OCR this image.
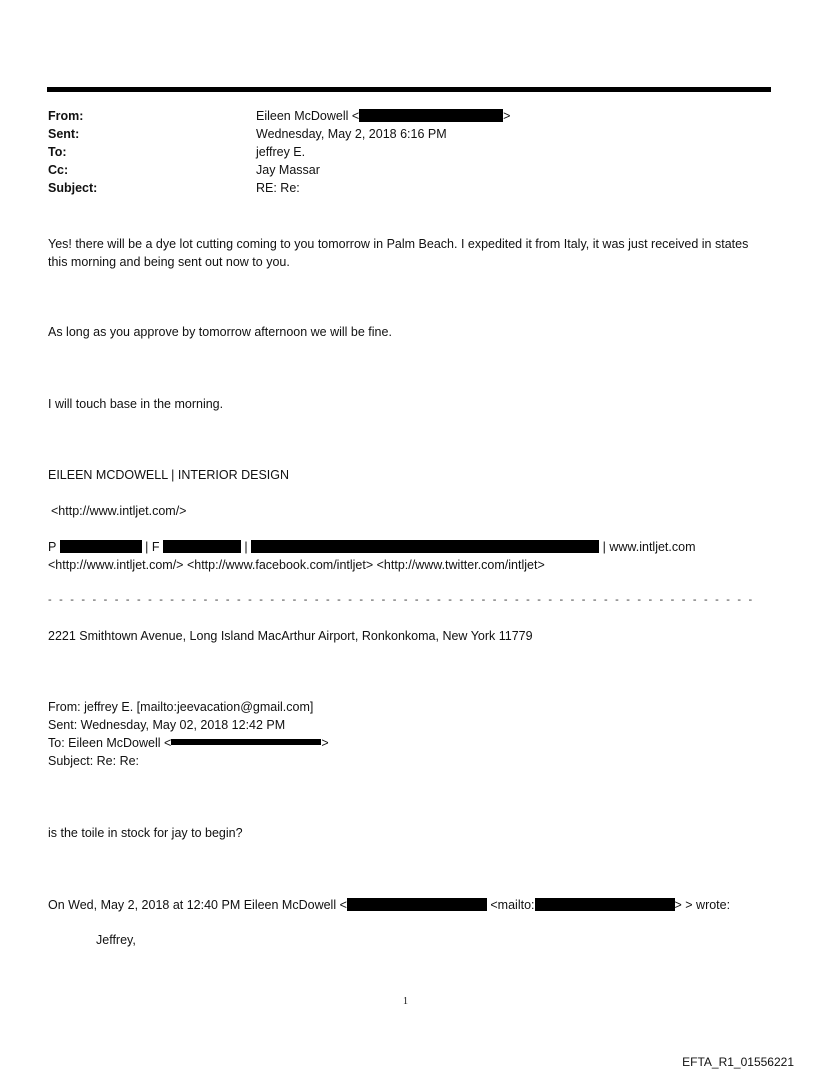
From:	Eileen McDowell <	>
Sent:	Wednesday, May 2, 2018 6:16 PM
To:	jeffrey E.
Cc:	Jay Massar
Subject:	RE: Re:
Yes! there will be a dye lot cutting coming to you tomorrow in Palm Beach. I expedited it from Italy, it was just received in states this morning and being sent out now to you.
As long as you approve by tomorrow afternoon we will be fine.
I will touch base in the morning.
EILEEN MCDOWELL | INTERIOR DESIGN
<http://www.intljet.com/>
P	| F	|	| www.intljet.com
<http://www.intljet.com/> <http://www.facebook.com/intljet> <http://www.twitter.com/intljet>
- - - - - - - - - - - - - - - - - - - - - - - - - - - - - - - - - - - - - - - - - - - - - - - - - - - - - - - - - - - - - - - -
2221 Smithtown Avenue, Long Island MacArthur Airport, Ronkonkoma, New York 11779
From: jeffrey E. [mailto:jeevacation@gmail.com]
Sent: Wednesday, May 02, 2018 12:42 PM
To: Eileen McDowell <	>
Subject: Re: Re:
is the toile in stock for jay to begin?
On Wed, May 2, 2018 at 12:40 PM Eileen McDowell <	<mailto:	> > wrote:
Jeffrey,
1
EFTA_R1_01556221
